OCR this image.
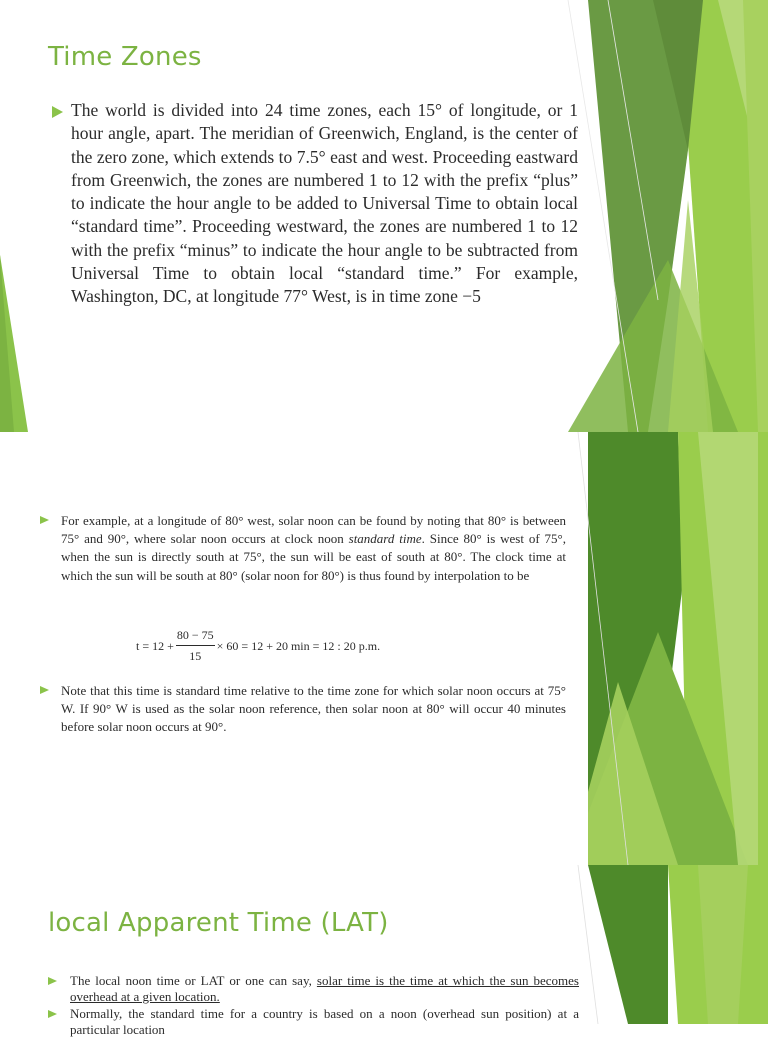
Time Zones
The world is divided into 24 time zones, each 15° of longitude, or 1 hour angle, apart. The meridian of Greenwich, England, is the center of the zero zone, which extends to 7.5° east and west. Proceeding eastward from Greenwich, the zones are numbered 1 to 12 with the prefix “plus” to indicate the hour angle to be added to Universal Time to obtain local “standard time”. Proceeding westward, the zones are numbered 1 to 12 with the prefix “minus” to indicate the hour angle to be subtracted from Universal Time to obtain local “standard time.” For example, Washington, DC, at longitude 77° West, is in time zone −5
For example, at a longitude of 80° west, solar noon can be found by noting that 80° is between 75° and 90°, where solar noon occurs at clock noon standard time. Since 80° is west of 75°, when the sun is directly south at 75°, the sun will be east of south at 80°. The clock time at which the sun will be south at 80° (solar noon for 80°) is thus found by interpolation to be
$t = 12 + \frac{80 - 75}{15} \times 60 = 12 + 20$ min = 12 : 20 p.m.
Note that this time is standard time relative to the time zone for which solar noon occurs at 75° W. If 90° W is used as the solar noon reference, then solar noon at 80° will occur 40 minutes before solar noon occurs at 90°.
local Apparent Time (LAT)
The local noon time or LAT or one can say, solar time is the time at which the sun becomes overhead at a given location.
Normally, the standard time for a country is based on a noon (overhead sun position) at a particular location
